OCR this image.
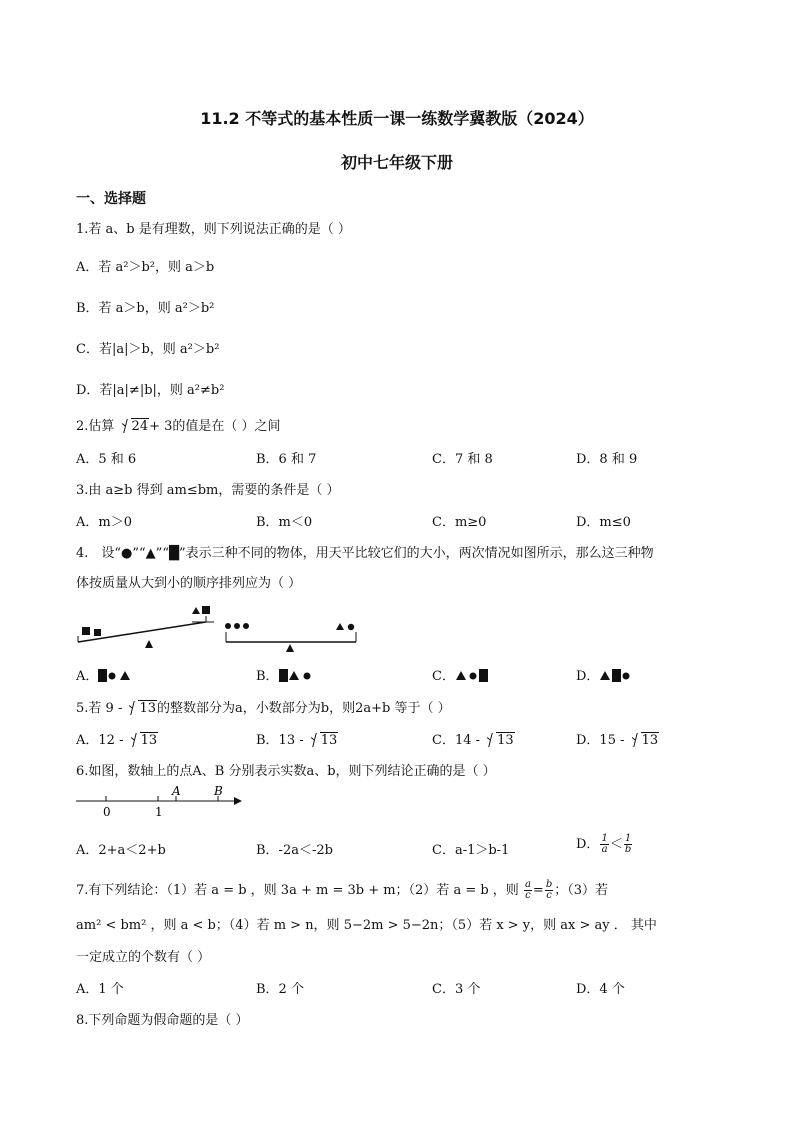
11.2 不等式的基本性质一课一练数学冀教版（2024）
初中七年级下册
一、选择题
1.若 a、b 是有理数，则下列说法正确的是（ ）
A．若 a²＞b²，则 a＞b
B．若 a＞b，则 a²＞b²
C．若|a|＞b，则 a²＞b²
D．若|a|≠|b|，则 a²≠b²
2.估算 24+ 3的值是在（ ）之间
A．5 和 6	B．6 和 7	C．7 和 8	D．8 和 9
3.由 a≥b 得到 am≤bm，需要的条件是（ ）
A．m＞0	B．m＜0	C．m≥0	D．m≤0
4.　设“●”“▲”“█”表示三种不同的物体，用天平比较它们的大小，两次情况如图所示，那么这三种物
体按质量从大到小的顺序排列应为（ ）
A．	B．	C．	D．
5.若 9 - 13的整数部分为a，小数部分为b，则2a+b 等于（ ）
A．12 - 13	B．13 - 13	C．14 - 13	D．15 - 13
6.如图，数轴上的点A、B 分别表示实数a、b，则下列结论正确的是（ ）
0	1
A	B
A．2+a＜2+b	B．-2a＜-2b	C．a-1＞b-1	D． $\frac{1}{a} < \frac{1}{b}$
7.有下列结论：（1）若 a = b ，则 3a + m = 3b + m；（2）若 a = b ，则 $\frac{a}{c} = \frac{b}{c}$ ；（3）若
am² < bm² ，则 a < b；（4）若 m > n，则 5−2m > 5−2n；（5）若 x > y，则 ax > ay ． 其中
一定成立的个数有（ ）
A．1 个	B．2 个	C．3 个	D．4 个
8.下列命题为假命题的是（ ）
